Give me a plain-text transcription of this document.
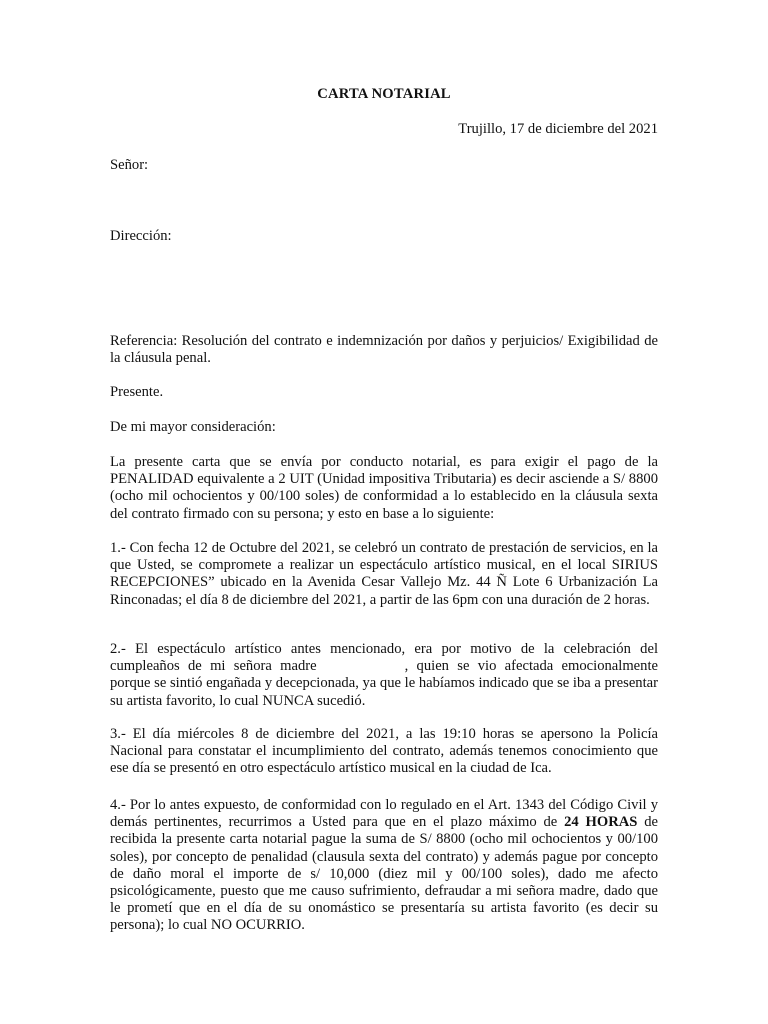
CARTA NOTARIAL

Trujillo, 17 de diciembre del 2021

Señor:

Dirección:

Referencia: Resolución del contrato e indemnización por daños y perjuicios/ Exigibilidad de la cláusula penal.

Presente.

De mi mayor consideración:

La presente carta que se envía por conducto notarial, es para exigir el pago de la PENALIDAD equivalente a 2 UIT (Unidad impositiva Tributaria) es decir asciende a S/ 8800 (ocho mil ochocientos y 00/100 soles) de conformidad a lo establecido en la cláusula sexta del contrato firmado con su persona; y esto en base a lo siguiente:

1.- Con fecha 12 de Octubre del 2021, se celebró un contrato de prestación de servicios, en la que Usted, se compromete a realizar un espectáculo artístico musical, en el local SIRIUS RECEPCIONES” ubicado en la Avenida Cesar Vallejo Mz. 44 Ñ Lote 6 Urbanización La Rinconadas; el día 8 de diciembre del 2021, a partir de las 6pm con una duración de 2 horas.

2.- El espectáculo artístico antes mencionado, era por motivo de la celebración del cumpleaños de mi señora madre	, quien se vio afectada emocionalmente porque se sintió engañada y decepcionada, ya que le habíamos indicado que se iba a presentar su artista favorito, lo cual NUNCA sucedió.

3.- El día miércoles 8 de diciembre del 2021, a las 19:10 horas se apersono la Policía Nacional para constatar el incumplimiento del contrato, además tenemos conocimiento que ese día se presentó en otro espectáculo artístico musical en la ciudad de Ica.

4.- Por lo antes expuesto, de conformidad con lo regulado en el Art. 1343 del Código Civil y demás pertinentes, recurrimos a Usted para que en el plazo máximo de 24 HORAS de recibida la presente carta notarial pague la suma de S/ 8800 (ocho mil ochocientos y 00/100 soles), por concepto de penalidad (clausula sexta del contrato) y además pague por concepto de daño moral el importe de s/ 10,000 (diez mil y 00/100 soles), dado me afecto psicológicamente, puesto que me causo sufrimiento, defraudar a mi señora madre, dado que le prometí que en el día de su onomástico se presentaría su artista favorito (es decir su persona); lo cual NO OCURRIO.
